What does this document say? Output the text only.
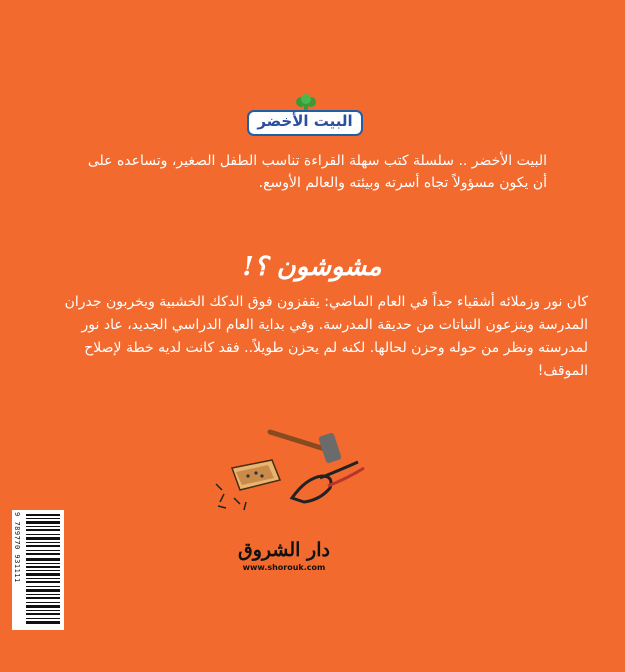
البيت الأخضر
البيت الأخضر .. سلسلة كتب سهلة القراءة تناسب الطفل الصغير، وتساعده على أن يكون مسؤولاً تجاه أسرته وبيئته والعالم الأوسع.
مشوشون ؟!
كان نور وزملائه أشقياء جداً في العام الماضي: يقفزون فوق الدكك الخشبية ويخربون جدران المدرسة وينزعون النباتات من حديقة المدرسة. وفي بداية العام الدراسي الجديد، عاد نور لمدرسته ونظر من حوله وحزن لحالها. لكنه لم يحزن طويلاً.. فقد كانت لديه خطة لإصلاح الموقف!
9 789770 931111	دار الشروق
www.shorouk.com
